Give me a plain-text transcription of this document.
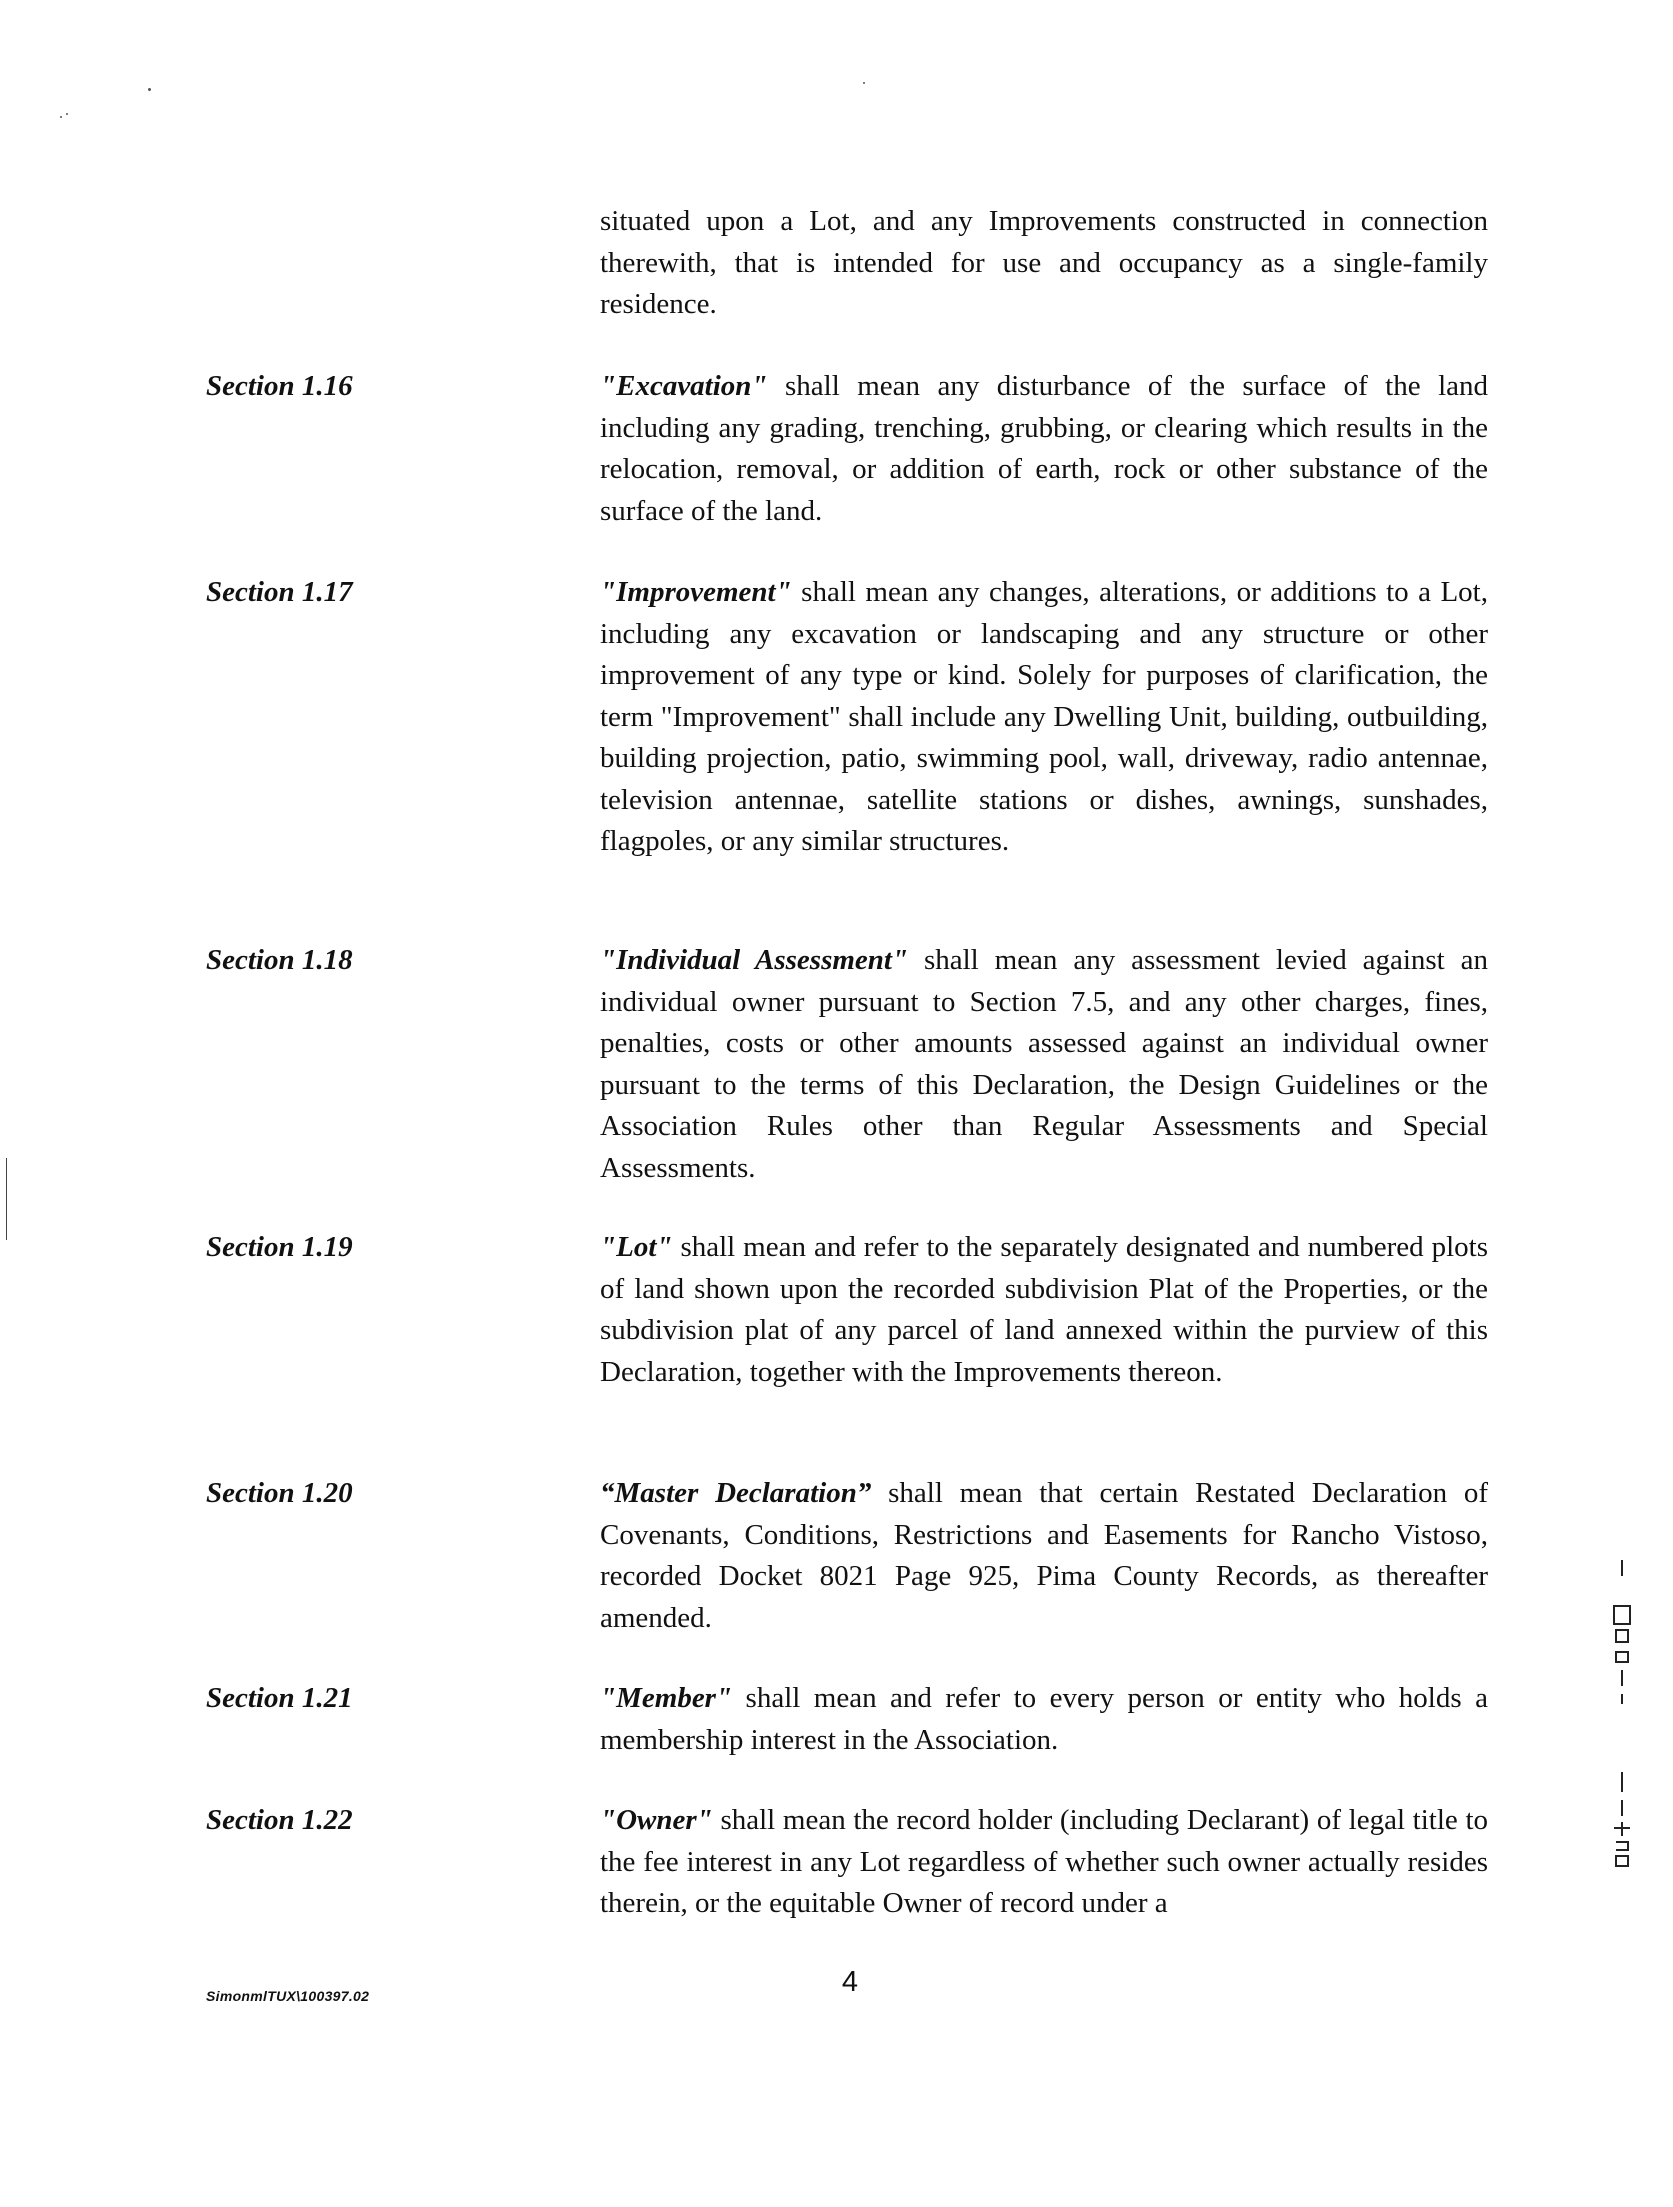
situated upon a Lot, and any Improvements constructed in connection therewith, that is intended for use and occupancy as a single-family residence.
Section 1.16	"Excavation" shall mean any disturbance of the surface of the land including any grading, trenching, grubbing, or clearing which results in the relocation, removal, or addition of earth, rock or other substance of the surface of the land.
Section 1.17	"Improvement" shall mean any changes, alterations, or additions to a Lot, including any excavation or landscaping and any structure or other improvement of any type or kind. Solely for purposes of clarification, the term "Improvement" shall include any Dwelling Unit, building, outbuilding, building projection, patio, swimming pool, wall, driveway, radio antennae, television antennae, satellite stations or dishes, awnings, sunshades, flagpoles, or any similar structures.
Section 1.18	"Individual Assessment" shall mean any assessment levied against an individual owner pursuant to Section 7.5, and any other charges, fines, penalties, costs or other amounts assessed against an individual owner pursuant to the terms of this Declaration, the Design Guidelines or the Association Rules other than Regular Assessments and Special Assessments.
Section 1.19	"Lot" shall mean and refer to the separately designated and numbered plots of land shown upon the recorded subdivision Plat of the Properties, or the subdivision plat of any parcel of land annexed within the purview of this Declaration, together with the Improvements thereon.
Section 1.20	“Master Declaration” shall mean that certain Restated Declaration of Covenants, Conditions, Restrictions and Easements for Rancho Vistoso, recorded Docket 8021 Page 925, Pima County Records, as thereafter amended.
Section 1.21	"Member" shall mean and refer to every person or entity who holds a membership interest in the Association.
Section 1.22	"Owner" shall mean the record holder (including Declarant) of legal title to the fee interest in any Lot regardless of whether such owner actually resides therein, or the equitable Owner of record under a
SimonmlTUX\100397.02	4
